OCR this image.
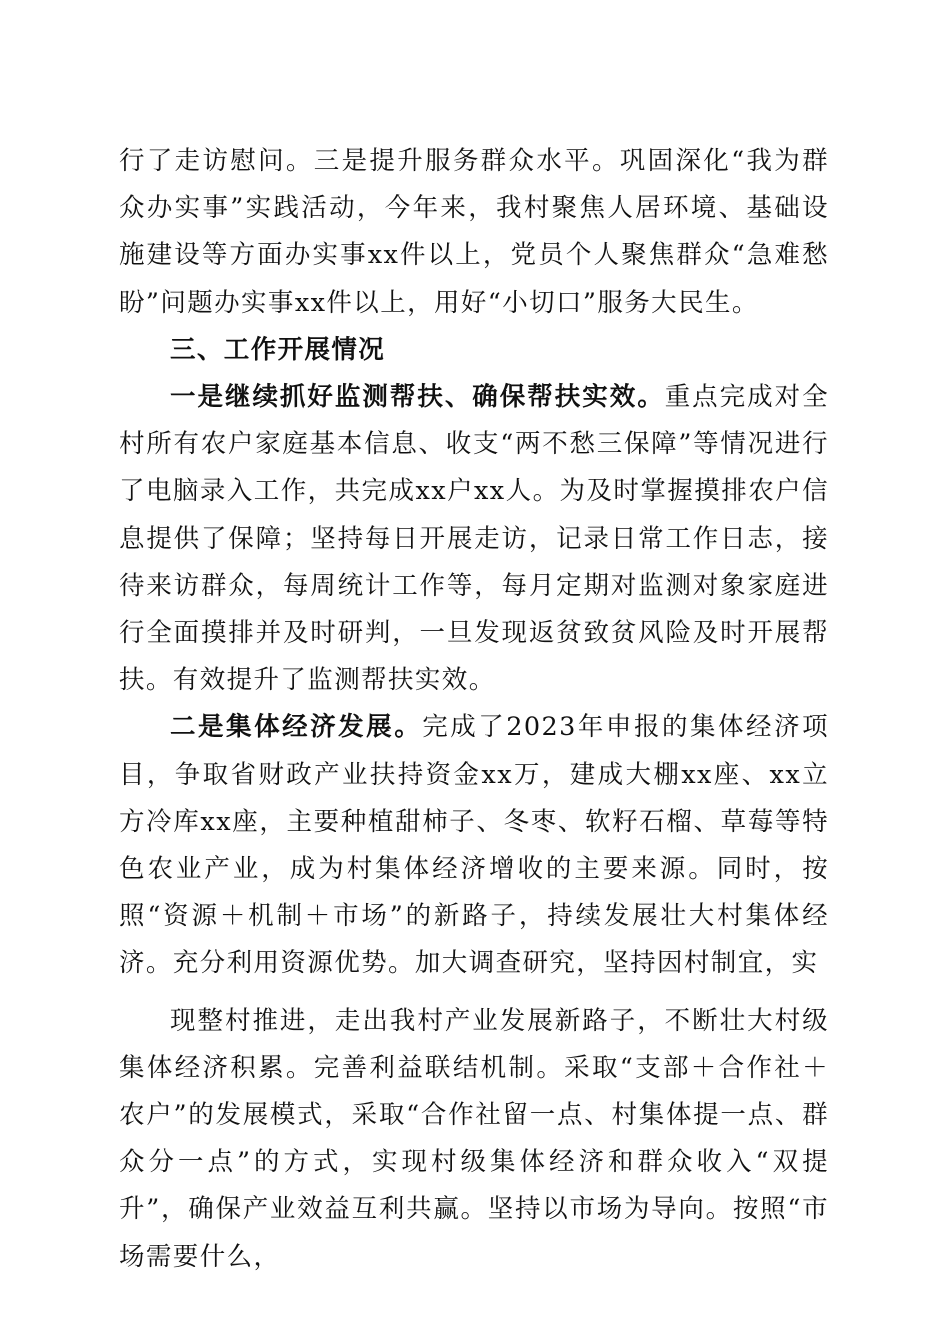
行了走访慰问。三是提升服务群众水平。巩固深化“我为群众办实事”实践活动，今年来，我村聚焦人居环境、基础设施建设等方面办实事xx件以上，党员个人聚焦群众“急难愁盼”问题办实事xx件以上，用好“小切口”服务大民生。

三、工作开展情况

一是继续抓好监测帮扶、确保帮扶实效。重点完成对全村所有农户家庭基本信息、收支“两不愁三保障”等情况进行了电脑录入工作，共完成xx户xx人。为及时掌握摸排农户信息提供了保障；坚持每日开展走访，记录日常工作日志，接待来访群众，每周统计工作等，每月定期对监测对象家庭进行全面摸排并及时研判，一旦发现返贫致贫风险及时开展帮扶。有效提升了监测帮扶实效。

二是集体经济发展。完成了2023年申报的集体经济项目，争取省财政产业扶持资金xx万，建成大棚xx座、xx立方冷库xx座，主要种植甜柿子、冬枣、软籽石榴、草莓等特色农业产业，成为村集体经济增收的主要来源。同时，按照“资源＋机制＋市场”的新路子，持续发展壮大村集体经济。充分利用资源优势。加大调查研究，坚持因村制宜，实

现整村推进，走出我村产业发展新路子，不断壮大村级集体经济积累。完善利益联结机制。采取“支部＋合作社＋农户”的发展模式，采取“合作社留一点、村集体提一点、群众分一点”的方式，实现村级集体经济和群众收入“双提升”，确保产业效益互利共赢。坚持以市场为导向。按照“市场需要什么，
